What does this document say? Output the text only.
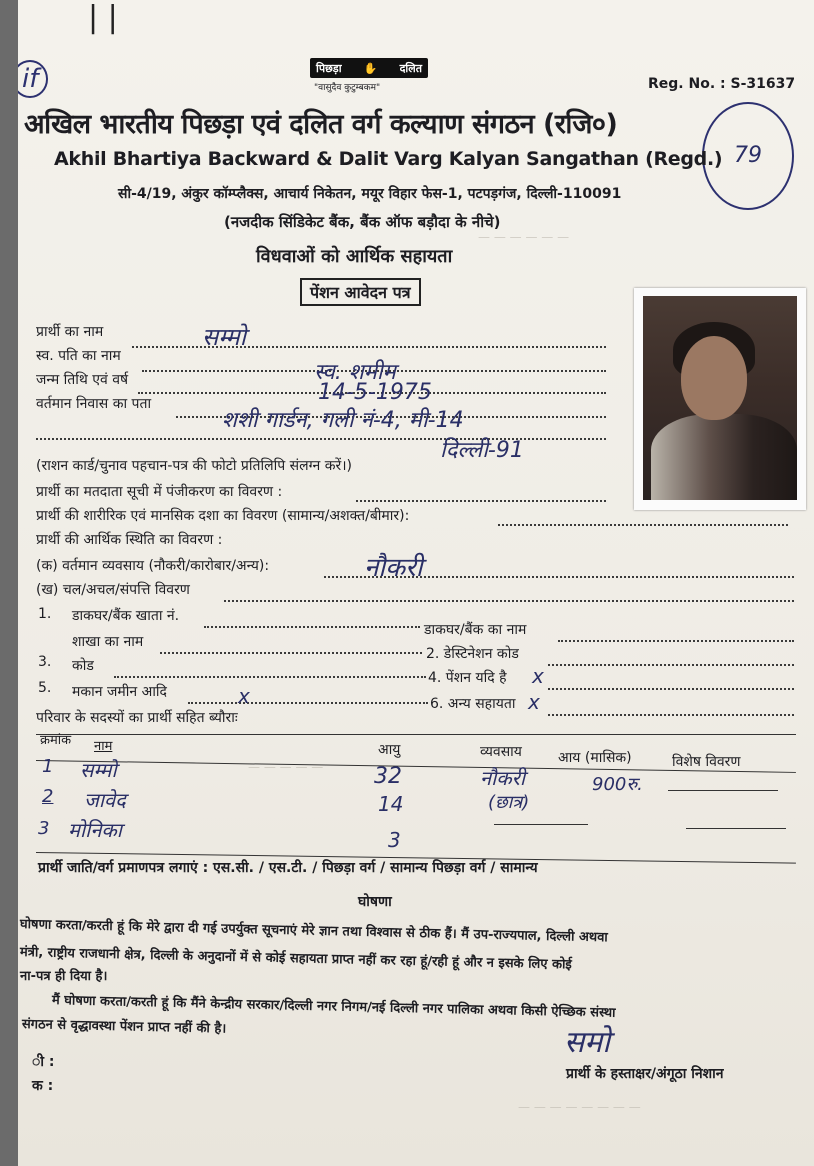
| |
if	पिछड़ा ✋ दलित
"वासुदैव कुटुम्बकम"	Reg. No. : S-31637
79
अखिल भारतीय पिछड़ा एवं दलित वर्ग कल्याण संगठन (रजि०)
Akhil Bhartiya Backward & Dalit Varg Kalyan Sangathan (Regd.)
सी-4/19, अंकुर कॉम्प्लैक्स, आचार्य निकेतन, मयूर विहार फेस-1, पटपड़गंज, दिल्ली-110091
(नजदीक सिंडिकेट बैंक, बैंक ऑफ बड़ौदा के नीचे)
विधवाओं को आर्थिक सहायता
पेंशन आवेदन पत्र
प्रार्थी का नाम	सम्मो
स्व. पति का नाम
स्व. शमीम
जन्म तिथि एवं वर्ष	14-5-1975
वर्तमान निवास का पता
शशी गार्डन, गली नं-4, मी-14
दिल्ली-91
(राशन कार्ड/चुनाव पहचान-पत्र की फोटो प्रतिलिपि संलग्न करें।)
प्रार्थी का मतदाता सूची में पंजीकरण का विवरण :
प्रार्थी की शारीरिक एवं मानसिक दशा का विवरण (सामान्य/अशक्त/बीमार):
प्रार्थी की आर्थिक स्थिति का विवरण :
(क) वर्तमान व्यवसाय (नौकरी/कारोबार/अन्य):	नौकरी
(ख) चल/अचल/संपत्ति विवरण
1. डाकघर/बैंक खाता नं.
डाकघर/बैंक का नाम
शाखा का नाम
2. डेस्टिनेशन कोड
3. कोड
4. पेंशन यदि है x
5. मकान जमीन आदि	x	6. अन्य सहायता x
परिवार के सदस्यों का प्रार्थी सहित ब्यौराः
क्रमांक नाम	आयु	व्यवसाय	आय (मासिक)	विशेष विवरण
1 सम्मो	32	नौकरी	900रु.
2 जावेद	14	(छात्र)
3 मोनिका	3
प्रार्थी जाति/वर्ग प्रमाणपत्र लगाएं : एस.सी. / एस.टी. / पिछड़ा वर्ग / सामान्य पिछड़ा वर्ग / सामान्य
घोषणा
घोषणा करता/करती हूं कि मेरे द्वारा दी गई उपर्युक्त सूचनाएं मेरे ज्ञान तथा विश्वास से ठीक हैं। मैं उप-राज्यपाल, दिल्ली अथवा
मंत्री, राष्ट्रीय राजधानी क्षेत्र, दिल्ली के अनुदानों में से कोई सहायता प्राप्त नहीं कर रहा हूं/रही हूं और न इसके लिए कोई
ना-पत्र ही दिया है।
मैं घोषणा करता/करती हूं कि मैंने केन्द्रीय सरकार/दिल्ली नगर निगम/नई दिल्ली नगर पालिका अथवा किसी ऐच्छिक संस्था
संगठन से वृद्धावस्था पेंशन प्राप्त नहीं की है।	समो
प्रार्थी के हस्ताक्षर/अंगूठा निशान
ी :
क :
— — — — — —
— — — — —
— — — — — — — —
